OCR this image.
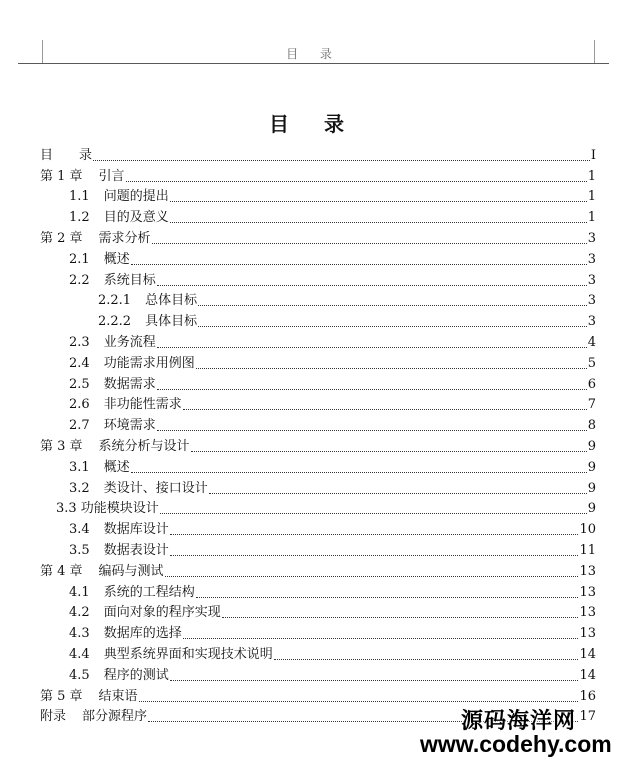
目 录
目 录
目 录	I
第 1 章 引言	1
1.1 问题的提出	1
1.2 目的及意义	1
第 2 章 需求分析	3
2.1 概述	3
2.2 系统目标	3
2.2.1 总体目标	3
2.2.2 具体目标	3
2.3 业务流程	4
2.4 功能需求用例图	5
2.5 数据需求	6
2.6 非功能性需求	7
2.7 环境需求	8
第 3 章 系统分析与设计	9
3.1 概述	9
3.2 类设计、接口设计	9
3.3 功能模块设计	9
3.4 数据库设计	10
3.5 数据表设计	11
第 4 章 编码与测试	13
4.1 系统的工程结构	13
4.2 面向对象的程序实现	13
4.3 数据库的选择	13
4.4 典型系统界面和实现技术说明	14
4.5 程序的测试	14
第 5 章 结束语	16
附录 部分源程序	17
源码海洋网
www.codehy.com
